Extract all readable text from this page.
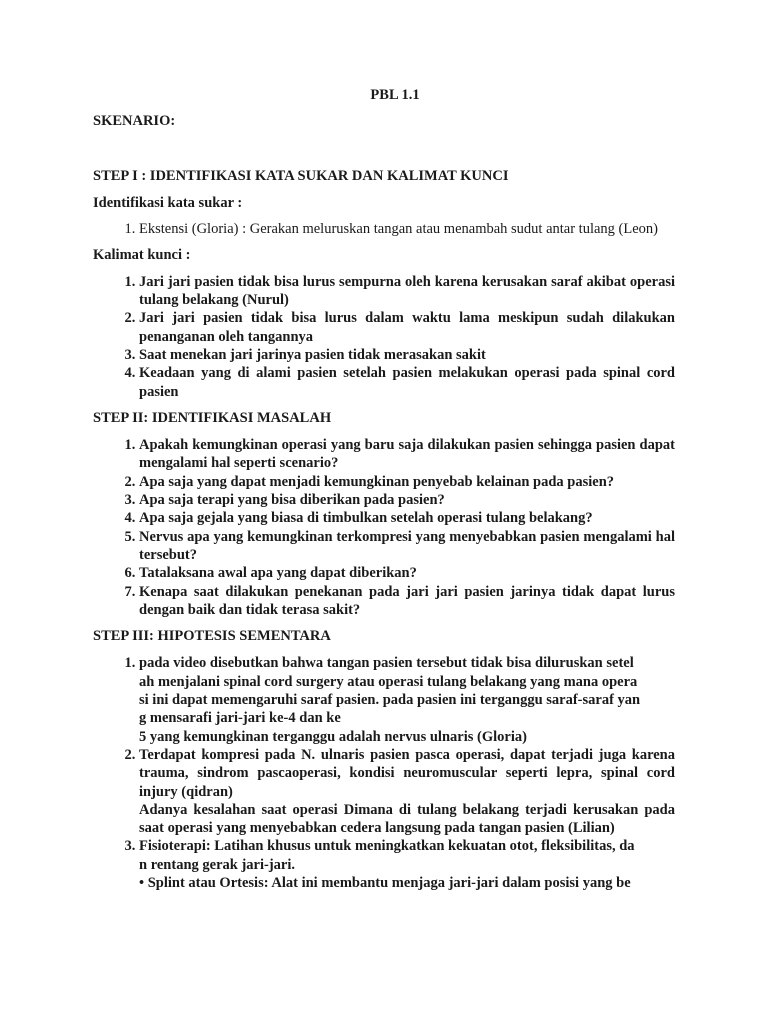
PBL 1.1

SKENARIO:

STEP I : IDENTIFIKASI KATA SUKAR DAN KALIMAT KUNCI

Identifikasi kata sukar :

1. Ekstensi (Gloria) : Gerakan meluruskan tangan atau menambah sudut antar tulang (Leon)

Kalimat kunci :

1. Jari jari pasien tidak bisa lurus sempurna oleh karena kerusakan saraf akibat operasi tulang belakang (Nurul)
2. Jari jari pasien tidak bisa lurus dalam waktu lama meskipun sudah dilakukan penanganan oleh tangannya
3. Saat menekan jari jarinya pasien tidak merasakan sakit
4. Keadaan yang di alami pasien setelah pasien melakukan operasi pada spinal cord pasien

STEP II: IDENTIFIKASI MASALAH

1. Apakah kemungkinan operasi yang baru saja dilakukan pasien sehingga pasien dapat mengalami hal seperti scenario?
2. Apa saja yang dapat menjadi kemungkinan penyebab kelainan pada pasien?
3. Apa saja terapi yang bisa diberikan pada pasien?
4. Apa saja gejala yang biasa di timbulkan setelah operasi tulang belakang?
5. Nervus apa yang kemungkinan terkompresi yang menyebabkan pasien mengalami hal tersebut?
6. Tatalaksana awal apa yang dapat diberikan?
7. Kenapa saat dilakukan penekanan pada jari jari pasien jarinya tidak dapat lurus dengan baik dan tidak terasa sakit?

STEP III: HIPOTESIS SEMENTARA

1. pada video disebutkan bahwa tangan pasien tersebut tidak bisa diluruskan setel
ah menjalani spinal cord surgery atau operasi tulang belakang yang mana opera
si ini dapat memengaruhi saraf pasien. pada pasien ini terganggu saraf-saraf yan
g mensarafi jari-jari ke-4 dan ke
5 yang kemungkinan terganggu adalah nervus ulnaris (Gloria)
2. Terdapat kompresi pada N. ulnaris pasien pasca operasi, dapat terjadi juga karena trauma, sindrom pascaoperasi, kondisi neuromuscular seperti lepra, spinal cord injury (qidran)
Adanya kesalahan saat operasi Dimana di tulang belakang terjadi kerusakan pada saat operasi yang menyebabkan cedera langsung pada tangan pasien (Lilian)
3. Fisioterapi: Latihan khusus untuk meningkatkan kekuatan otot, fleksibilitas, da
n rentang gerak jari-jari.
• Splint atau Ortesis: Alat ini membantu menjaga jari-jari dalam posisi yang be
